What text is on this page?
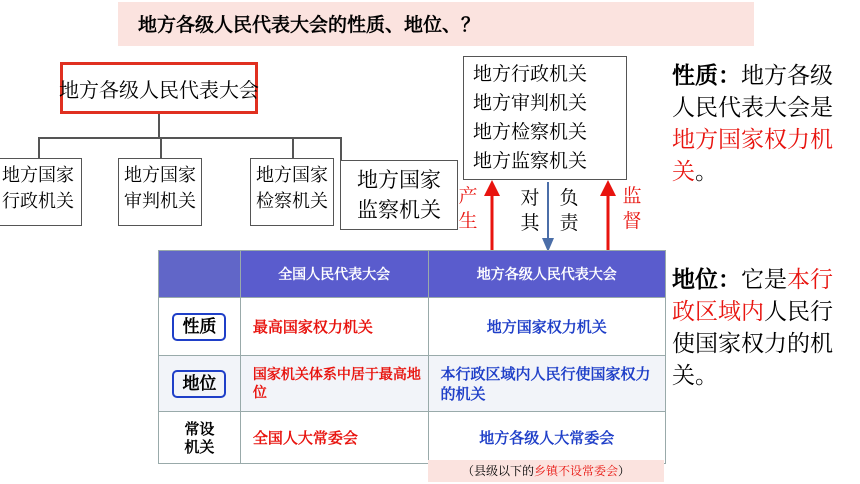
地方各级人民代表大会的性质、地位、？
地方各级人民代表大会
地方国家
行政机关
地方国家
审判机关
地方国家
检察机关
地方国家
监察机关
地方行政机关
地方审判机关
地方检察机关
地方监察机关
产
生
对
其
负
责
监
督
性质：地方各级人民代表大会是地方国家权力机关。
地位：它是本行政区域内人民行使国家权力的机关。
	全国人民代表大会	地方各级人民代表大会
性质	最高国家权力机关	地方国家权力机关
地位	国家机关体系中居于最高地位	本行政区域内人民行使国家权力的机关

常设机关	全国人大常委会	地方各级人大常委会
（县级以下的乡镇不设常委会）
